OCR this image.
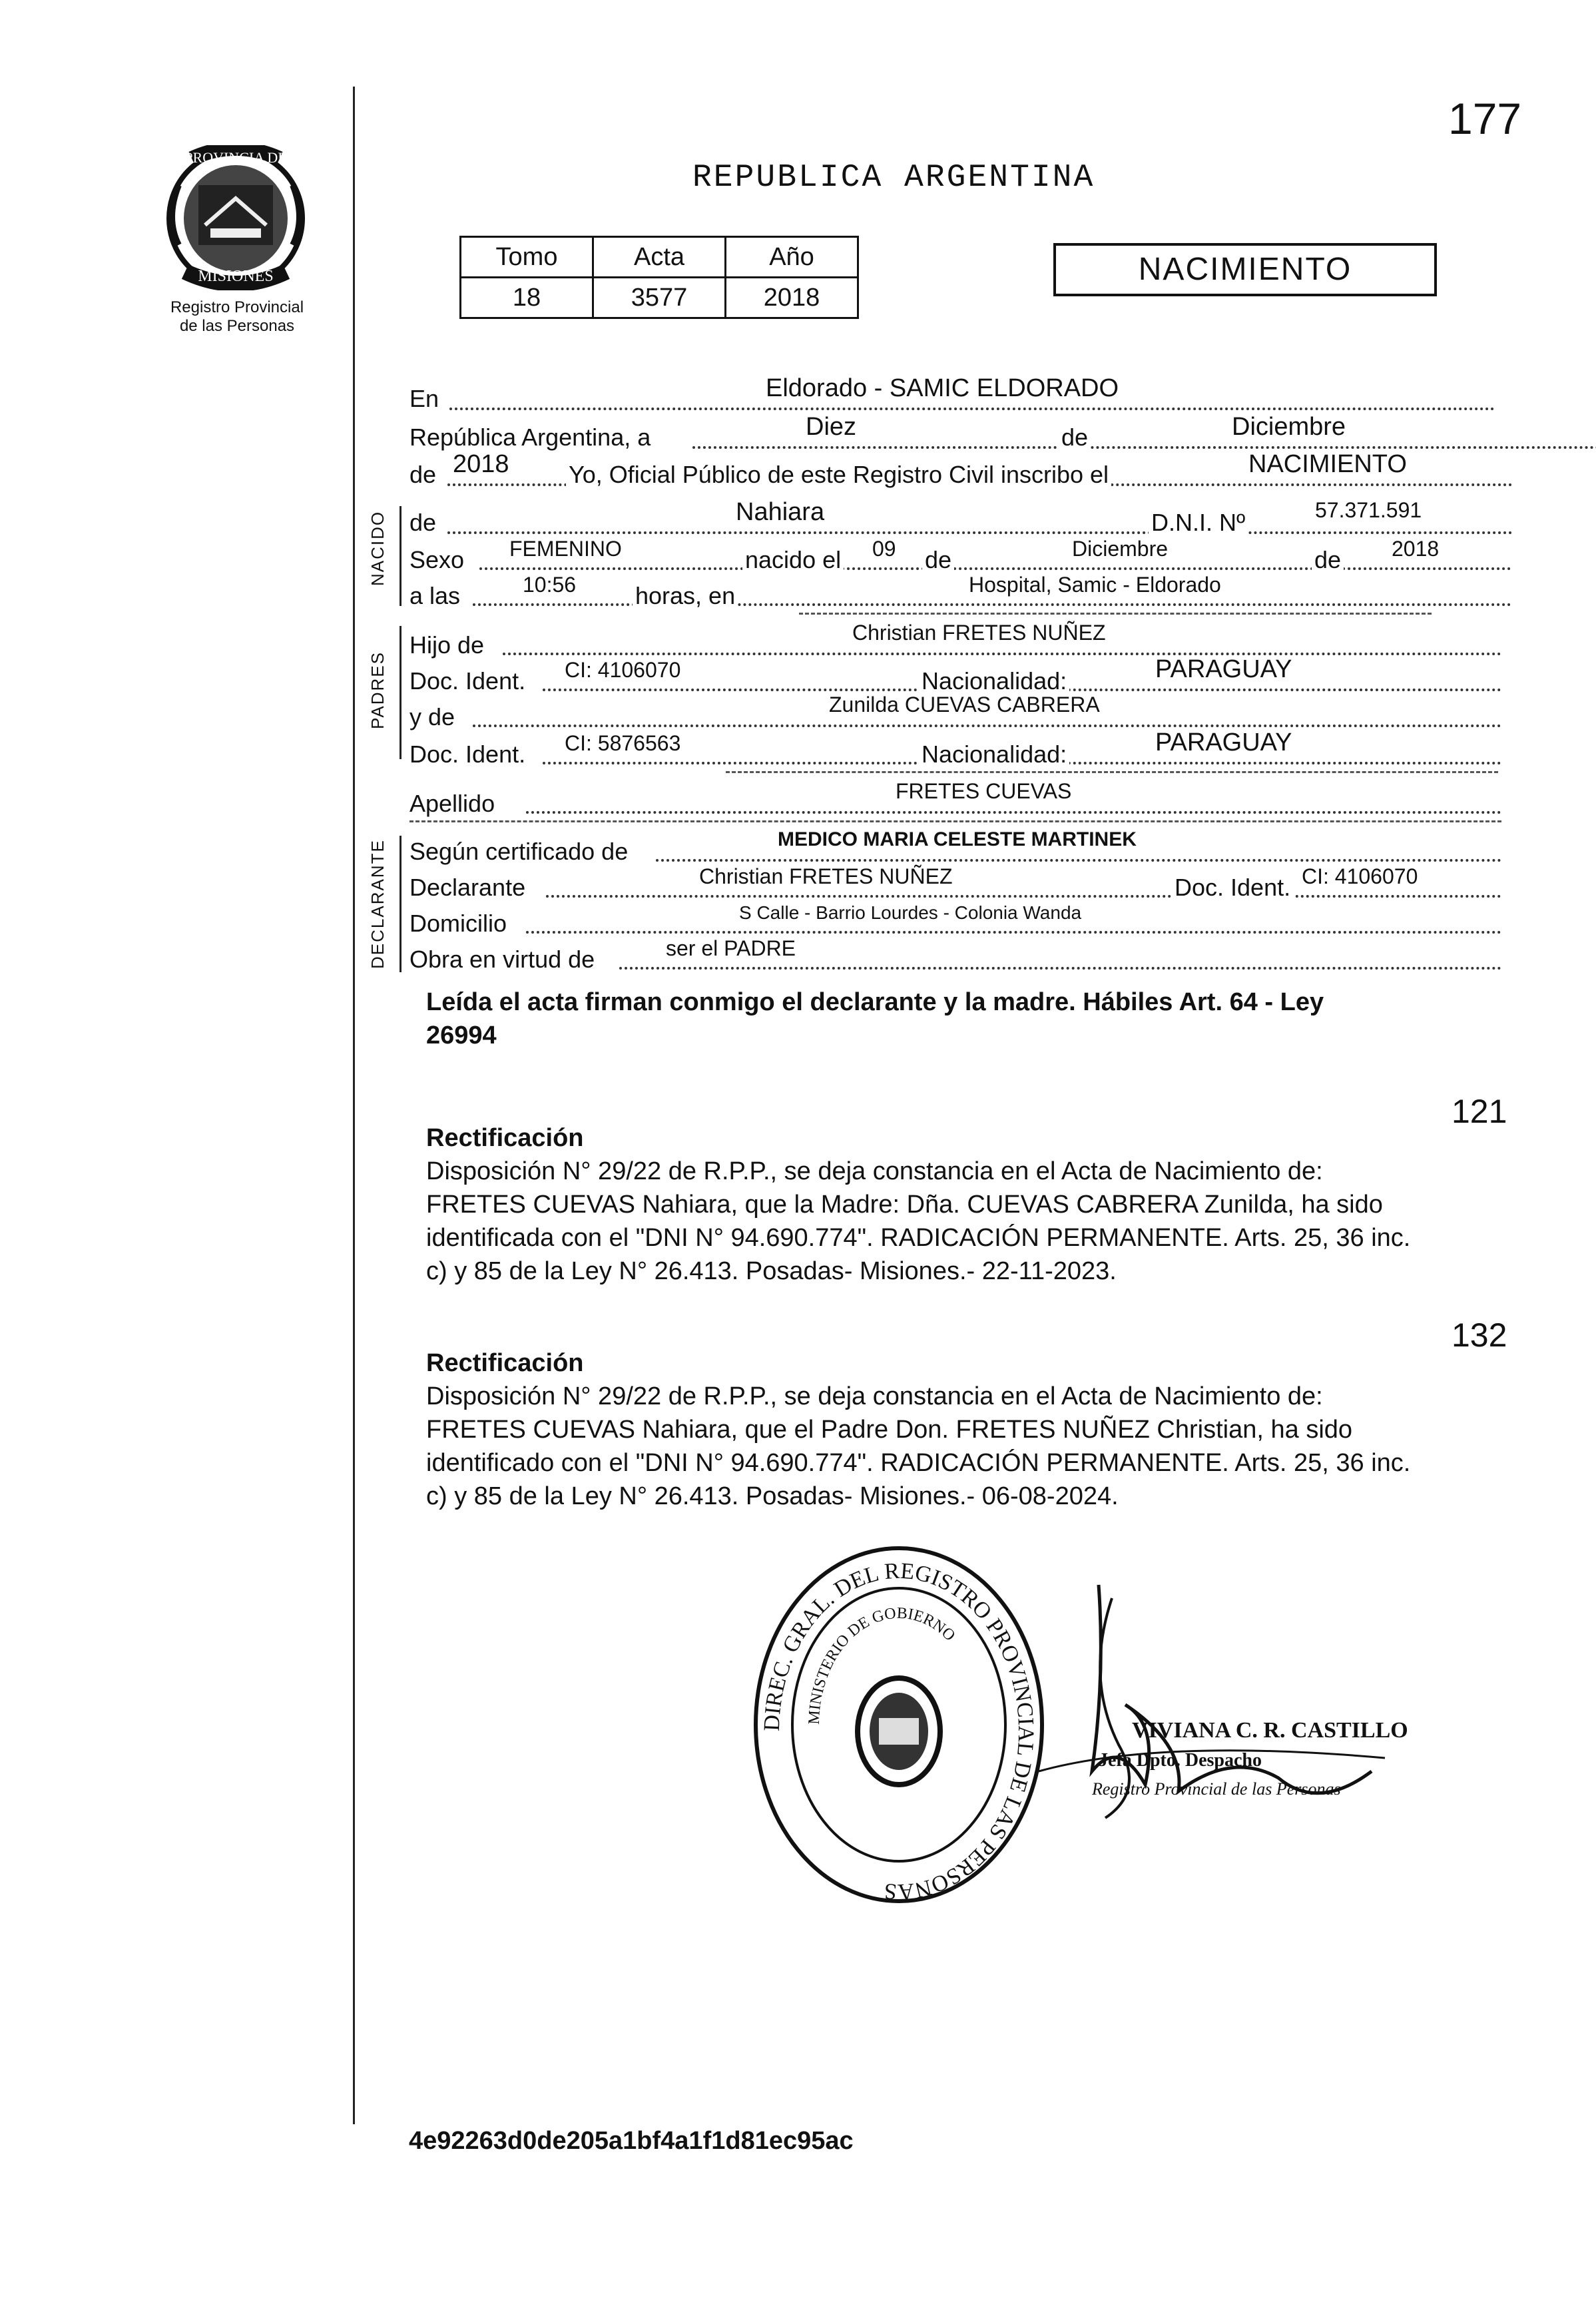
177
PROVINCIA DE
MISIONES
Registro Provincial
de las Personas
REPUBLICA ARGENTINA
Tomo	Acta	Año
18	3577	2018
NACIMIENTO
NACIDO
PADRES
DECLARANTE
En	Eldorado - SAMIC ELDORADO
República Argentina, a	Diez	de	Diciembre
de 2018 Yo, Oficial Público de este Registro Civil inscribo el	NACIMIENTO
de	Nahiara	D.N.I. Nº	57.371.591
Sexo FEMENINO	nacido el 09 de	Diciembre	de 2018
a las	10:56 horas, en	Hospital, Samic - Eldorado
Hijo de	Christian FRETES NUÑEZ
Doc. Ident. CI: 4106070	Nacionalidad:	PARAGUAY
y de	Zunilda CUEVAS CABRERA
Doc. Ident. CI: 5876563	Nacionalidad:	PARAGUAY
Apellido	FRETES CUEVAS
Según certificado de	MEDICO MARIA CELESTE MARTINEK
Declarante	Christian FRETES NUÑEZ	Doc. Ident. CI: 4106070
Domicilio	S Calle - Barrio Lourdes - Colonia Wanda
Obra en virtud de	ser el PADRE
Leída el acta firman conmigo el declarante y la madre. Hábiles Art. 64 - Ley
26994
121
Rectificación
Disposición N° 29/22 de R.P.P., se deja constancia en el Acta de Nacimiento de:
FRETES CUEVAS Nahiara, que la Madre: Dña. CUEVAS CABRERA Zunilda, ha sido
identificada con el "DNI N° 94.690.774". RADICACIÓN PERMANENTE. Arts. 25, 36 inc.
c) y 85 de la Ley N° 26.413. Posadas- Misiones.- 22-11-2023.
132
Rectificación
Disposición N° 29/22 de R.P.P., se deja constancia en el Acta de Nacimiento de:
FRETES CUEVAS Nahiara, que el Padre Don. FRETES NUÑEZ Christian, ha sido
identificado con el "DNI N° 94.690.774". RADICACIÓN PERMANENTE. Arts. 25, 36 inc.
c) y 85 de la Ley N° 26.413. Posadas- Misiones.- 06-08-2024.
DIREC. GRAL. DEL REGISTRO PROVINCIAL DE LAS PERSONAS
MINISTERIO DE GOBIERNO
VIVIANA C. R. CASTILLO
Jefa Dpto. Despacho
Registro Provincial de las Personas
4e92263d0de205a1bf4a1f1d81ec95ac
